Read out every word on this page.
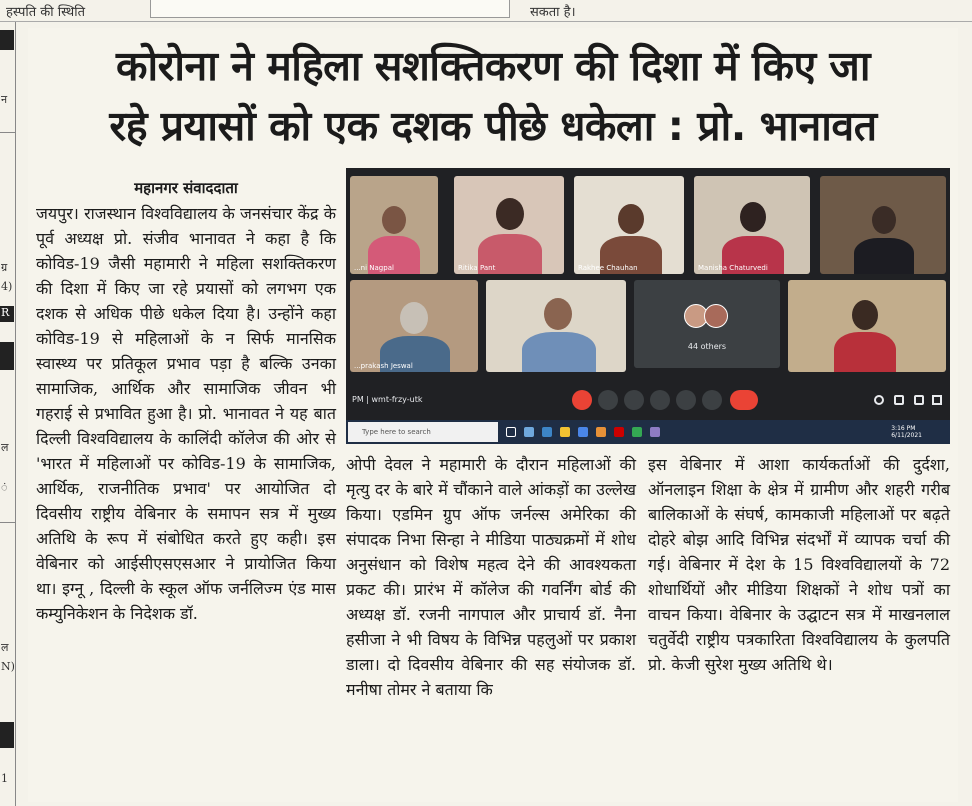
हस्पति की स्थिति	सकता है।
न
ग्र
4)
R
ल
ं
ल
N)
1
कोरोना ने महिला सशक्तिकरण की दिशा में किए जा
रहे प्रयासों को एक दशक पीछे धकेला : प्रो. भानावत
महानगर संवाददाता
जयपुर। राजस्थान विश्वविद्यालय के जनसंचार केंद्र के पूर्व अध्यक्ष प्रो. संजीव भानावत ने कहा है कि कोविड-19 जैसी महामारी ने महिला सशक्तिकरण की दिशा में किए जा रहे प्रयासों को लगभग एक दशक से अधिक पीछे धकेल दिया है। उन्होंने कहा कोविड-19 से महिलाओं के न सिर्फ मानसिक स्वास्थ्य पर प्रतिकूल प्रभाव पड़ा है बल्कि उनका सामाजिक, आर्थिक और सामाजिक जीवन भी गहराई से प्रभावित हुआ है। प्रो. भानावत ने यह बात दिल्ली विश्वविद्यालय के कालिंदी कॉलेज की ओर से 'भारत में महिलाओं पर कोविड-19 के सामाजिक, आर्थिक, राजनीतिक प्रभाव' पर आयोजित दो दिवसीय राष्ट्रीय वेबिनार के समापन सत्र में मुख्य अतिथि के रूप में संबोधित करते हुए कही। इस वेबिनार को आईसीएसएसआर ने प्रायोजित किया था। इग्नू , दिल्ली के स्कूल ऑफ जर्नलिज्म एंड मास कम्युनिकेशन के निदेशक डॉ.
...ni Nagpal	Ritika Pant	Rakhee Chauhan	Manisha Chaturvedi
...prakash Jeswal
44 others
PM | wmt-frzy-utk
Type here to search	3:16 PM
6/11/2021
ओपी देवल ने महामारी के दौरान महिलाओं की मृत्यु दर के बारे में चौंकाने वाले आंकड़ों का उल्लेख किया। एडमिन ग्रुप ऑफ जर्नल्स अमेरिका की संपादक निभा सिन्हा ने मीडिया पाठ्यक्रमों में शोध अनुसंधान को विशेष महत्व देने की आवश्यकता प्रकट की। प्रारंभ में कॉलेज की गवर्निंग बोर्ड की अध्यक्ष डॉ. रजनी नागपाल और प्राचार्य डॉ. नैना हसीजा ने भी विषय के विभिन्न पहलुओं पर प्रकाश डाला। दो दिवसीय वेबिनार की सह संयोजक डॉ. मनीषा तोमर ने बताया कि
इस वेबिनार में आशा कार्यकर्ताओं की दुर्दशा, ऑनलाइन शिक्षा के क्षेत्र में ग्रामीण और शहरी गरीब बालिकाओं के संघर्ष, कामकाजी महिलाओं पर बढ़ते दोहरे बोझ आदि विभिन्न संदर्भों में व्यापक चर्चा की गई। वेबिनार में देश के 15 विश्वविद्यालयों के 72 शोधार्थियों और मीडिया शिक्षकों ने शोध पत्रों का वाचन किया। वेबिनार के उद्घाटन सत्र में माखनलाल चतुर्वेदी राष्ट्रीय पत्रकारिता विश्वविद्यालय के कुलपति प्रो. केजी सुरेश मुख्य अतिथि थे।
